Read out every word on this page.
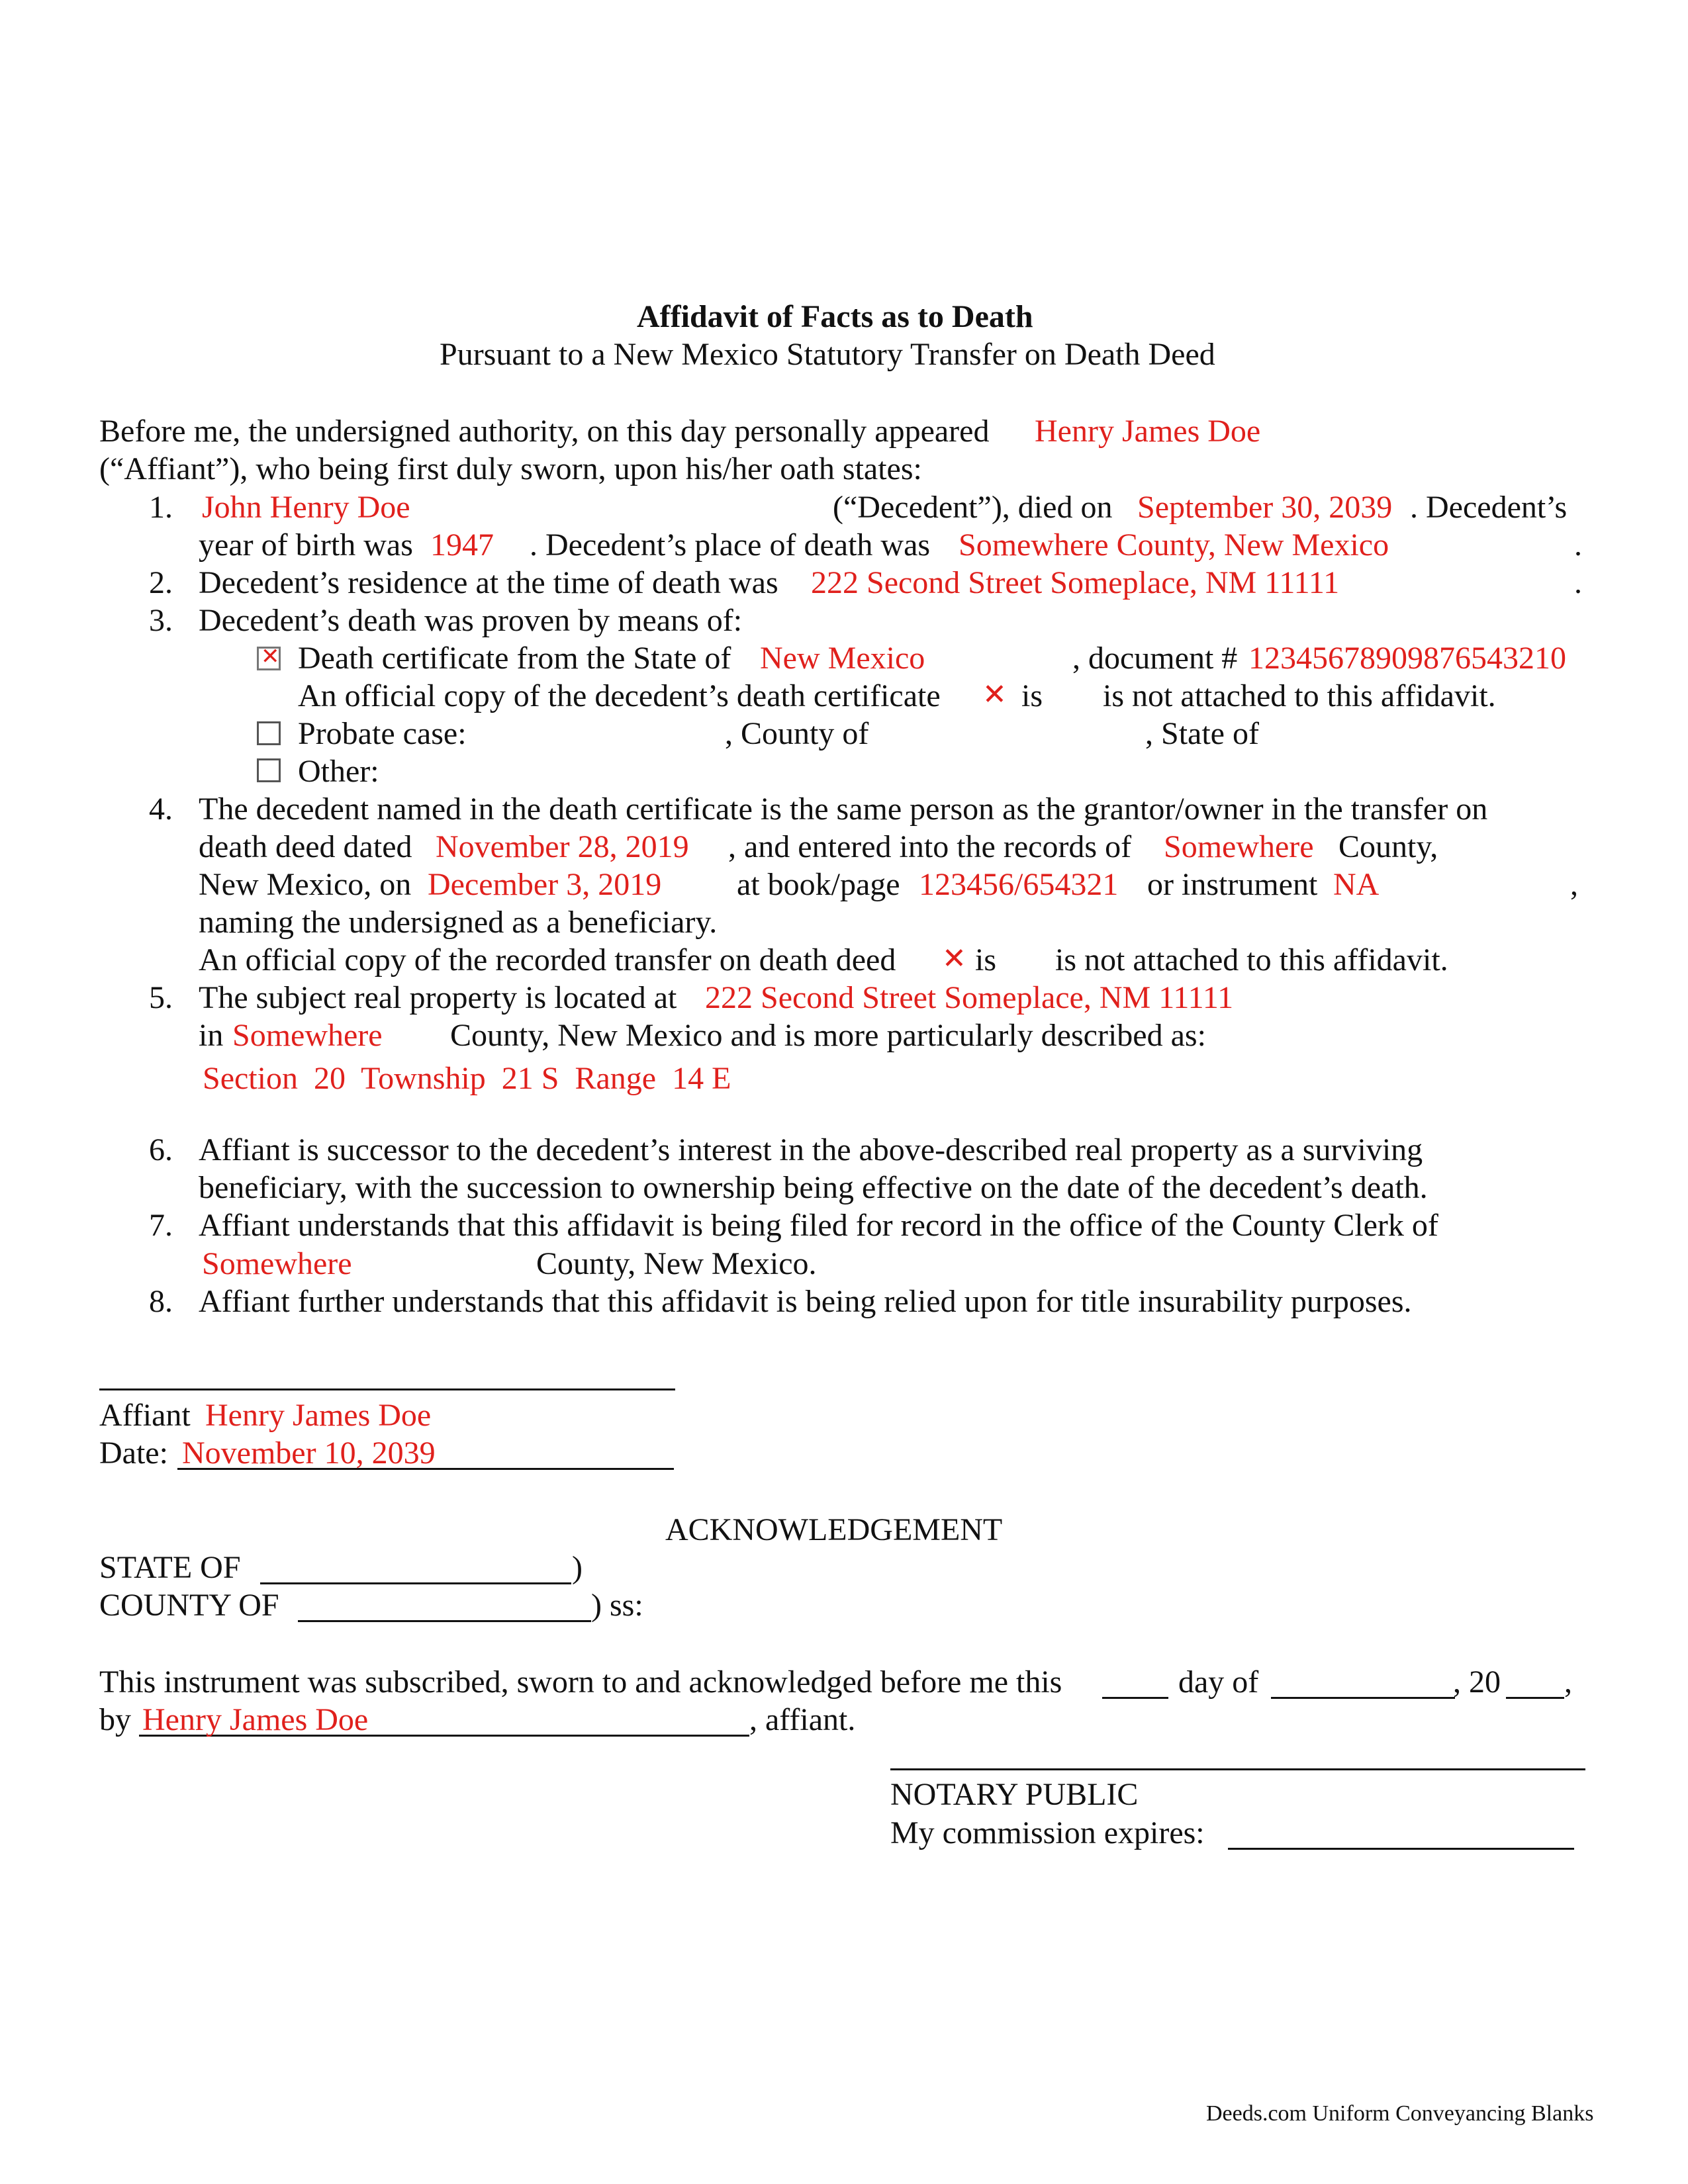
Affidavit of Facts as to Death
Pursuant to a New Mexico Statutory Transfer on Death Deed
Before me, the undersigned authority, on this day personally appeared Henry James Doe
(“Affiant”), who being first duly sworn, upon his/her oath states:
1. John Henry Doe	(“Decedent”), died on September 30, 2039 . Decedent’s
year of birth was 1947 . Decedent’s place of death was Somewhere County, New Mexico	.
2. Decedent’s residence at the time of death was 222 Second Street Someplace, NM 11111	.
3. Decedent’s death was proven by means of:
✕ Death certificate from the State of New Mexico	, document # 12345678909876543210
An official copy of the decedent’s death certificate ✕ is is not attached to this affidavit.
Probate case:	, County of	, State of
Other:
4. The decedent named in the death certificate is the same person as the grantor/owner in the transfer on
death deed dated November 28, 2019 , and entered into the records of Somewhere County,
New Mexico, on December 3, 2019 at book/page 123456/654321 or instrument NA	,
naming the undersigned as a beneficiary.
An official copy of the recorded transfer on death deed ✕ is is not attached to this affidavit.
5. The subject real property is located at 222 Second Street Someplace, NM 11111
in Somewhere County, New Mexico and is more particularly described as:
Section  20  Township  21 S  Range  14 E
6. Affiant is successor to the decedent’s interest in the above-described real property as a surviving
beneficiary, with the succession to ownership being effective on the date of the decedent’s death.
7. Affiant understands that this affidavit is being filed for record in the office of the County Clerk of
Somewhere	County, New Mexico.
8. Affiant further understands that this affidavit is being relied upon for title insurability purposes.
Affiant Henry James Doe
Date: November 10, 2039
ACKNOWLEDGEMENT
STATE OF	)
COUNTY OF	) ss:
This instrument was subscribed, sworn to and acknowledged before me this	day of	, 20 ,
by Henry James Doe	, affiant.
NOTARY PUBLIC
My commission expires:
Deeds.com Uniform Conveyancing Blanks
